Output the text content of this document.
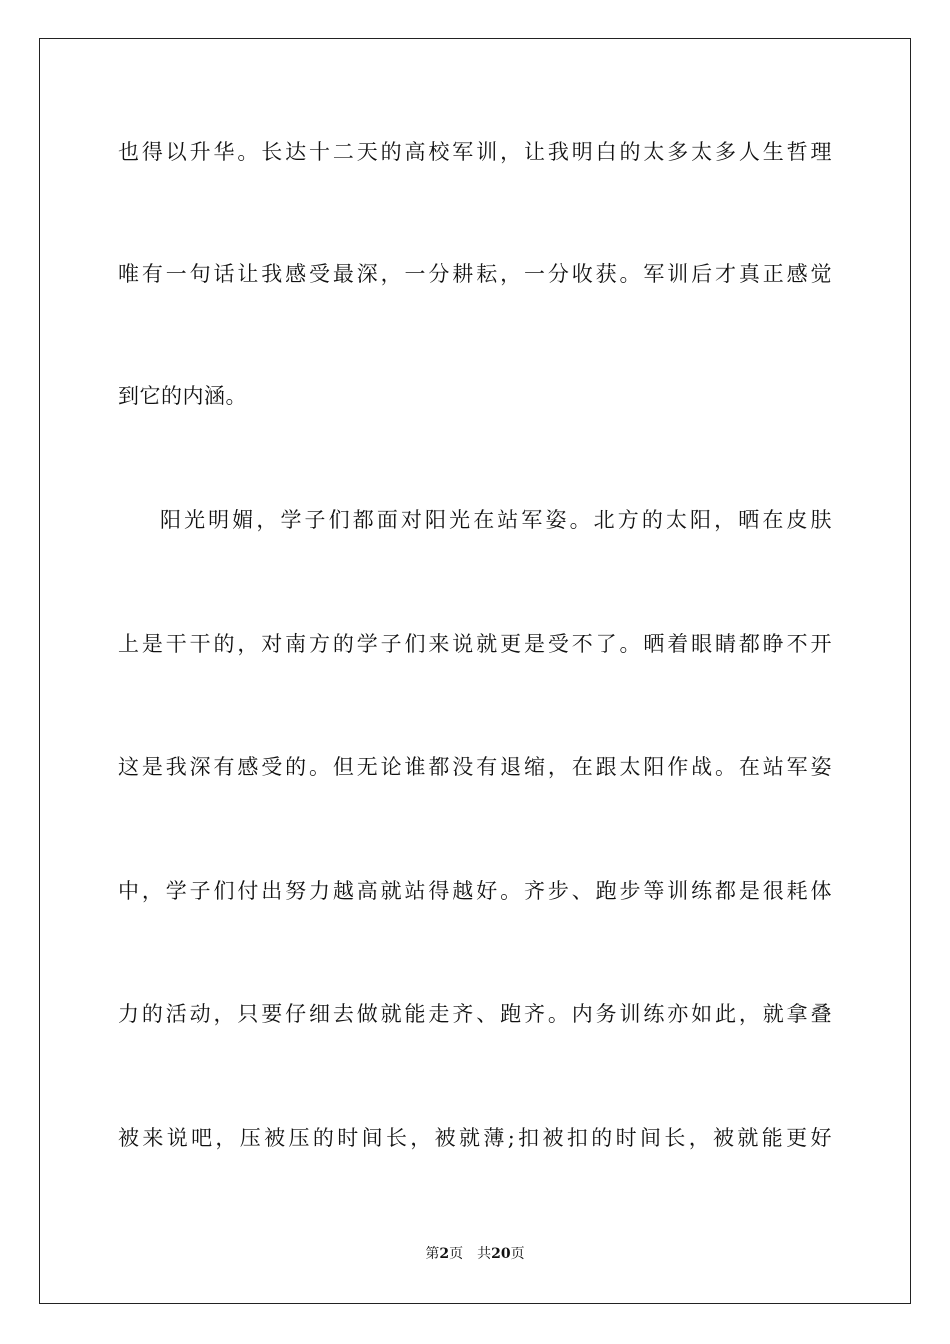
也得以升华。长达十二天的高校军训，让我明白的太多太多人生哲理
唯有一句话让我感受最深，一分耕耘，一分收获。军训后才真正感觉
到它的内涵。
阳光明媚，学子们都面对阳光在站军姿。北方的太阳，晒在皮肤
上是干干的，对南方的学子们来说就更是受不了。晒着眼睛都睁不开
这是我深有感受的。但无论谁都没有退缩，在跟太阳作战。在站军姿
中，学子们付出努力越高就站得越好。齐步、跑步等训练都是很耗体
力的活动，只要仔细去做就能走齐、跑齐。内务训练亦如此，就拿叠
被来说吧，压被压的时间长，被就薄;扣被扣的时间长，被就能更好
第2页 共20页
